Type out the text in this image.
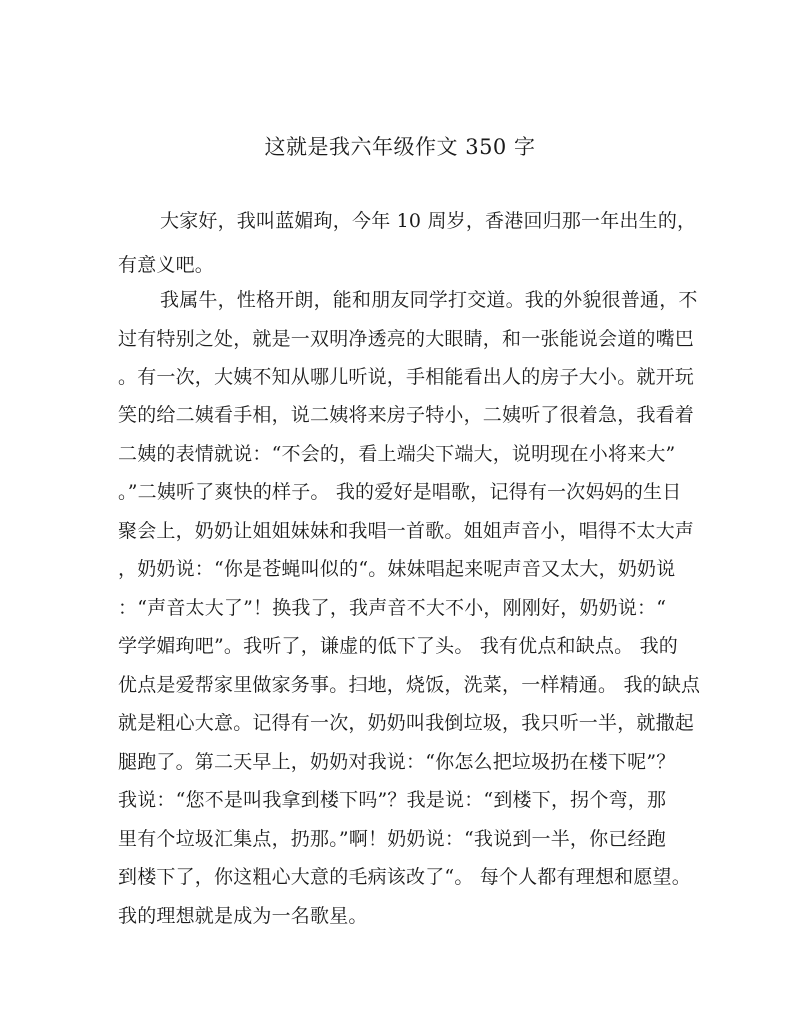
这就是我六年级作文 350 字
大家好，我叫蓝媚珣，今年 10 周岁，香港回归那一年出生的，
有意义吧。
我属牛，性格开朗，能和朋友同学打交道。我的外貌很普通，不
过有特别之处，就是一双明净透亮的大眼睛，和一张能说会道的嘴巴
。有一次，大姨不知从哪儿听说，手相能看出人的房子大小。就开玩
笑的给二姨看手相，说二姨将来房子特小，二姨听了很着急，我看着
二姨的表情就说：“不会的，看上端尖下端大，说明现在小将来大”
。”二姨听了爽快的样子。 我的爱好是唱歌，记得有一次妈妈的生日
聚会上，奶奶让姐姐妹妹和我唱一首歌。姐姐声音小，唱得不太大声
，奶奶说：“你是苍蝇叫似的“。妹妹唱起来呢声音又太大，奶奶说
：“声音太大了”！换我了，我声音不大不小，刚刚好，奶奶说：“
学学媚珣吧”。我听了，谦虚的低下了头。 我有优点和缺点。 我的
优点是爱帮家里做家务事。扫地，烧饭，洗菜，一样精通。 我的缺点
就是粗心大意。记得有一次，奶奶叫我倒垃圾，我只听一半，就撒起
腿跑了。第二天早上，奶奶对我说：“你怎么把垃圾扔在楼下呢”？
我说：“您不是叫我拿到楼下吗”？我是说：“到楼下，拐个弯，那
里有个垃圾汇集点，扔那。”啊！奶奶说：“我说到一半，你已经跑
到楼下了，你这粗心大意的毛病该改了“。 每个人都有理想和愿望。
我的理想就是成为一名歌星。
